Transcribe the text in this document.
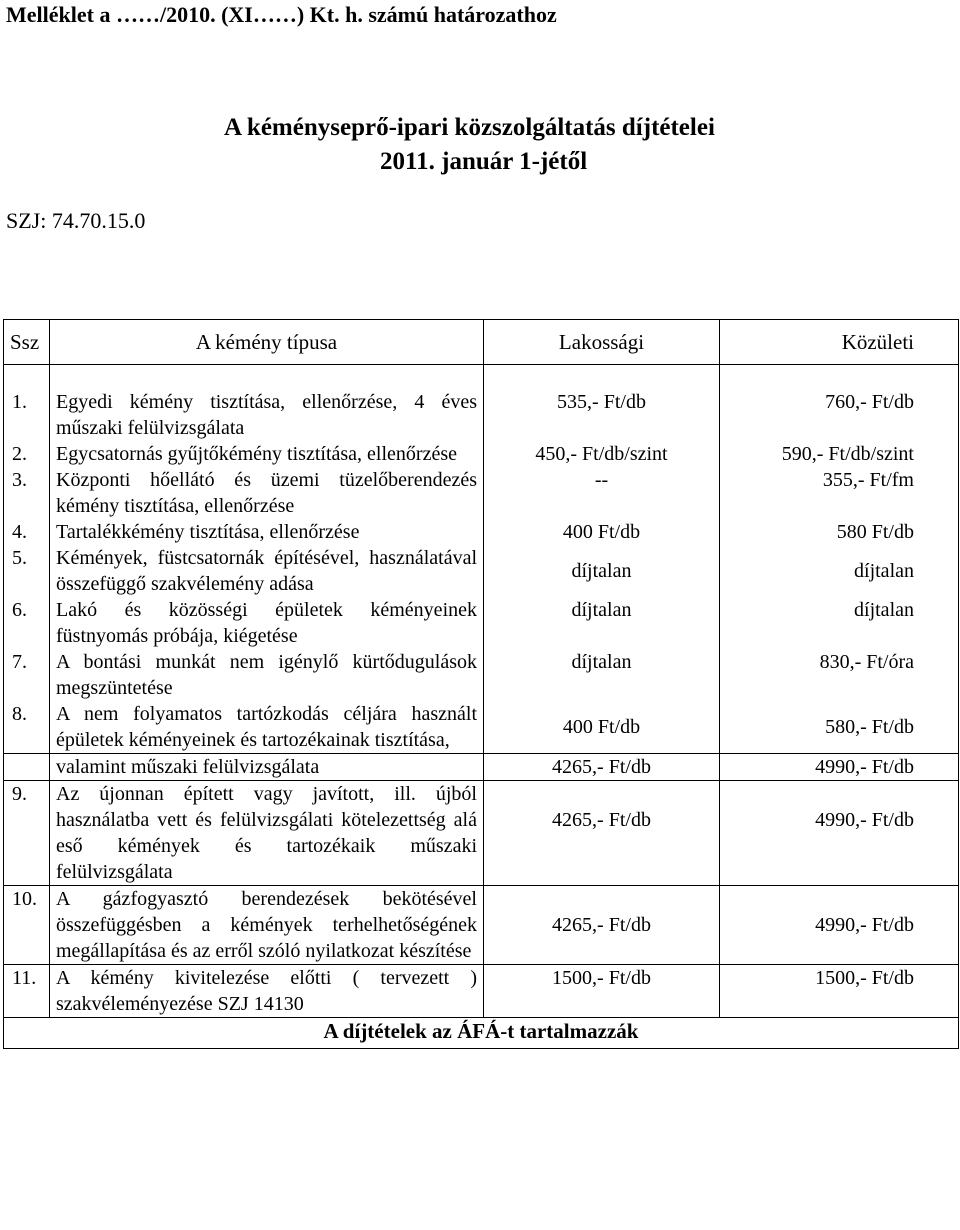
Melléklet a ……/2010. (XI……) Kt. h. számú határozathoz
A kéményseprő-ipari közszolgáltatás díjtételei
2011. január 1-jétől
SZJ: 74.70.15.0
Ssz	A kémény típusa	Lakossági	Közületi

1.	Egyedi kémény tisztítása, ellenőrzése, 4 éves műszaki felülvizsgálata	535,- Ft/db	760,- Ft/db
2.	Egycsatornás gyűjtőkémény tisztítása, ellenőrzése	450,- Ft/db/szint	590,- Ft/db/szint
3.	Központi hőellátó és üzemi tüzelőberendezés kémény tisztítása, ellenőrzése	--	355,- Ft/fm
4.	Tartalékkémény tisztítása, ellenőrzése	400 Ft/db	580 Ft/db
5.	Kémények, füstcsatornák építésével, használatával összefüggő szakvélemény adása	díjtalan	díjtalan
6.	Lakó és közösségi épületek kéményeinek füstnyomás próbája, kiégetése	díjtalan	díjtalan
7.	A bontási munkát nem igénylő kürtődugulások megszüntetése	díjtalan	830,- Ft/óra
8.	A nem folyamatos tartózkodás céljára használt épületek kéményeinek és tartozékainak tisztítása,	400 Ft/db	580,- Ft/db
	valamint műszaki felülvizsgálata	4265,- Ft/db	4990,- Ft/db
9.	Az újonnan épített vagy javított, ill. újból használatba vett és felülvizsgálati kötelezettség alá eső kémények és tartozékaik műszaki felülvizsgálata	4265,- Ft/db	4990,- Ft/db
10.	A gázfogyasztó berendezések bekötésével összefüggésben a kémények terhelhetőségének megállapítása és az erről szóló nyilatkozat készítése	4265,- Ft/db	4990,- Ft/db
11.	A kémény kivitelezése előtti ( tervezett ) szakvéleményezése SZJ 14130	1500,- Ft/db	1500,- Ft/db
A díjtételek az ÁFÁ-t tartalmazzák			
